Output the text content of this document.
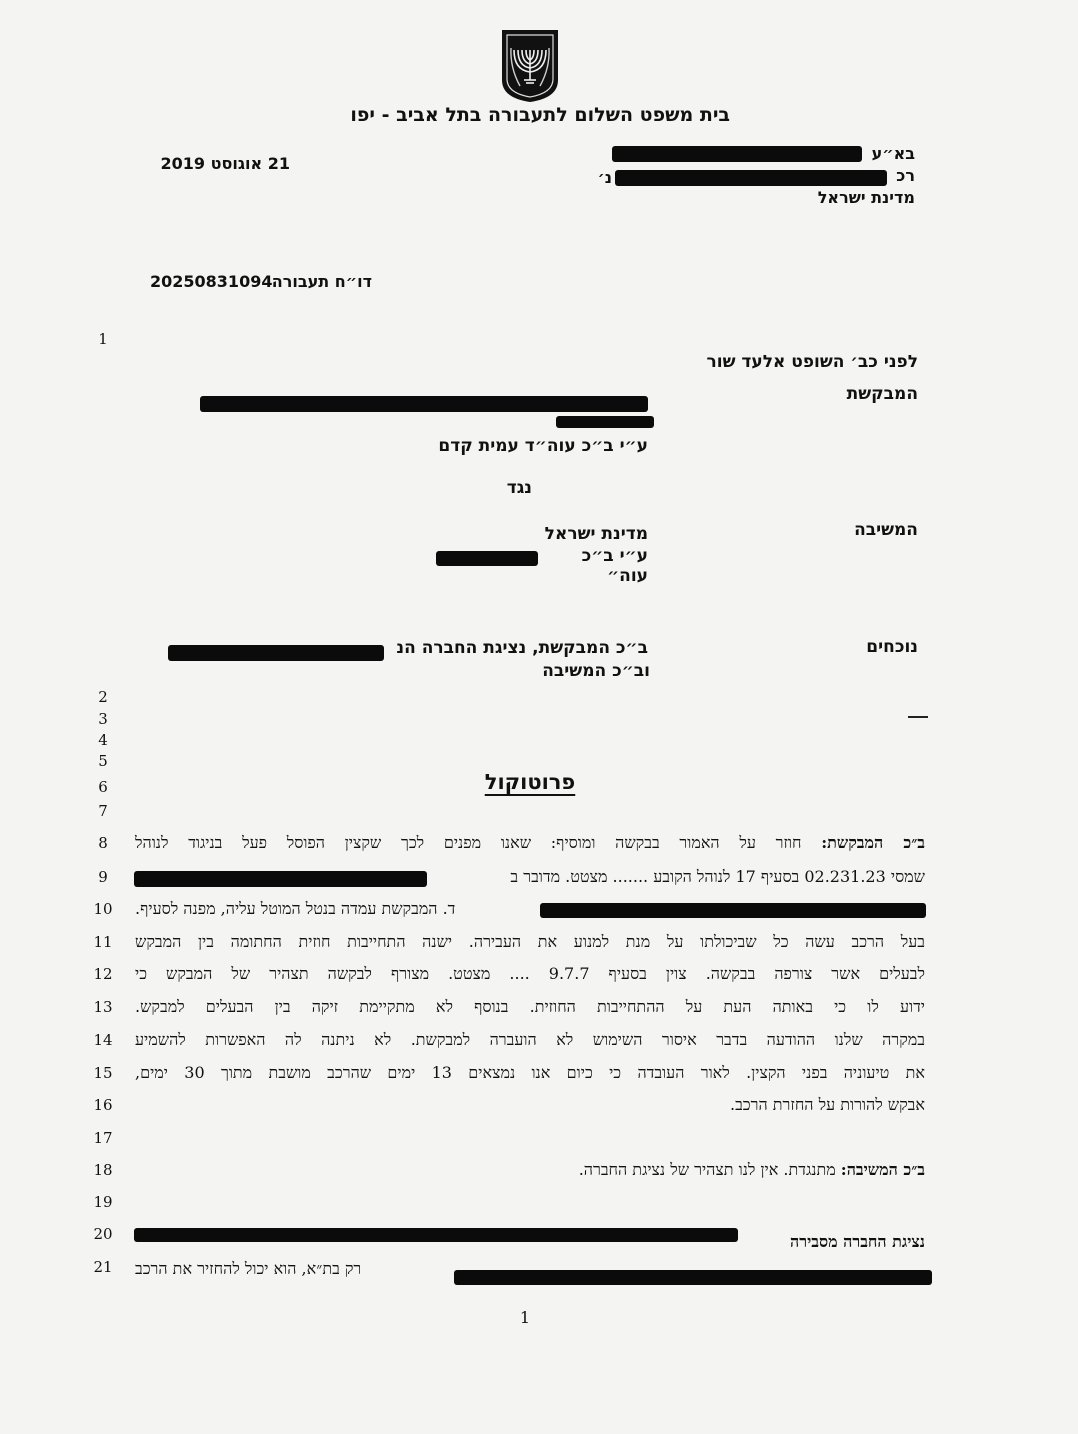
בית משפט השלום לתעבורה בתל אביב - יפו
21 אוגוסט 2019
בא״ע
רכ
נ׳
מדינת ישראל
20250831094 דו״ח תעבורה
לפני כב׳ השופט אלעד שור
המבקשת
ע״י ב״כ עוה״ד עמית קדם
נגד
המשיבה
מדינת ישראל
ע״י ב״כ עוה״
נוכחים
ב״כ המבקשת, נציגת החברה הנ
וב״כ המשיבה
פרוטוקול
1
2
3
4
5
6
7
8
9
10
11
12
13
14
15
16
17
18
19
20
21
ב״כ המבקשת: חוזר על האמור בבקשה ומוסיף: שאנו מפנים לכך שקצין הפוסל פעל בניגוד לנוהל
שמסי 02.231.23 בסעיף 17 לנוהל הקובע ....... מצטט. מדובר ב
ד. המבקשת עמדה בנטל המוטל עליה, מפנה לסעיף.
בעל הרכב עשה כל שביכולתו על מנת למנוע את העבירה. ישנה התחייבות חוזית החתומה בין המבקש
לבעלים אשר צורפה בבקשה. צוין בסעיף 9.7.7 .... מצטט. מצורף לבקשה תצהיר של המבקש כי
ידוע לו כי באותה העת על ההתחייבות החוזית. בנוסף לא מתקיימת זיקה בין הבעלים למבקש.
במקרה שלנו ההודעה בדבר איסור השימוש לא הועברה למבקשת. לא ניתנה לה האפשרות להשמיע
את טיעוניה בפני הקצין. לאור העובדה כי כיום אנו נמצאים 13 ימים שהרכב מושבת מתוך 30 ימים,
אבקש להורות על החזרת הרכב.
ב״כ המשיבה: מתנגדת. אין לנו תצהיר של נציגת החברה.
נציגת החברה מסבירה
רק בת״א, הוא יכול להחזיר את הרכב
1
